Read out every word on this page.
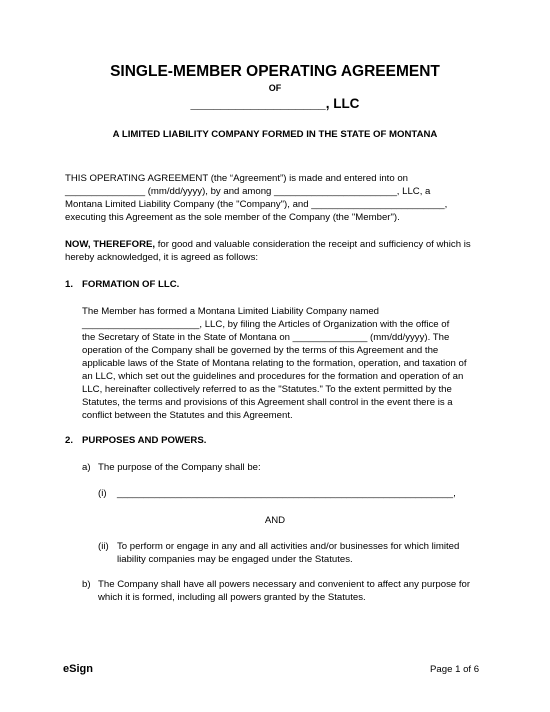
SINGLE-MEMBER OPERATING AGREEMENT
OF
__________________, LLC
A LIMITED LIABILITY COMPANY FORMED IN THE STATE OF MONTANA
THIS OPERATING AGREEMENT (the “Agreement”) is made and entered into on
_______________ (mm/dd/yyyy), by and among _______________________, LLC, a
Montana Limited Liability Company (the "Company"), and _________________________,
executing this Agreement as the sole member of the Company (the "Member").
NOW, THEREFORE, for good and valuable consideration the receipt and sufficiency of which is
hereby acknowledged, it is agreed as follows:
1. FORMATION OF LLC.
The Member has formed a Montana Limited Liability Company named
______________________, LLC, by filing the Articles of Organization with the office of
the Secretary of State in the State of Montana on ______________ (mm/dd/yyyy). The
operation of the Company shall be governed by the terms of this Agreement and the
applicable laws of the State of Montana relating to the formation, operation, and taxation of
an LLC, which set out the guidelines and procedures for the formation and operation of an
LLC, hereinafter collectively referred to as the "Statutes." To the extent permitted by the
Statutes, the terms and provisions of this Agreement shall control in the event there is a
conflict between the Statutes and this Agreement.
2. PURPOSES AND POWERS.
a) The purpose of the Company shall be:
(i) _______________________________________________________________,
AND
(ii) To perform or engage in any and all activities and/or businesses for which limited
liability companies may be engaged under the Statutes.
b) The Company shall have all powers necessary and convenient to affect any purpose for
which it is formed, including all powers granted by the Statutes.
eSign	Page 1 of 6
